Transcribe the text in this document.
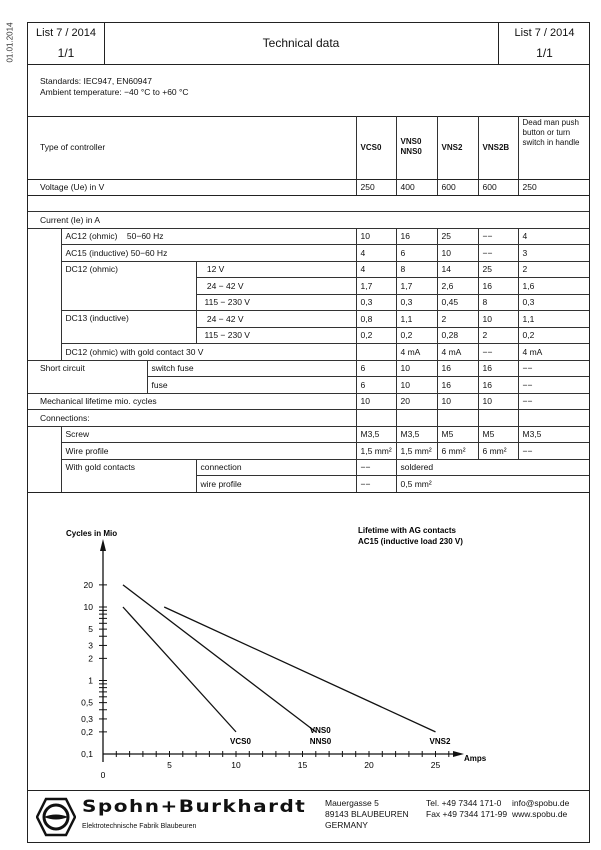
01.01.2014	List 7 / 2014
1/1
Technical data
List 7 / 2014
1/1
Standards: IEC947, EN60947
Ambient temperature: −40 °C to +60 °C
Type of controller				VCS0	VNS0 NNS0	VNS2	VNS2B	Dead man push button or turn switch in handle
Voltage (Ue) in V				250	400	600	600	250

Current (Ie) in A								
	AC12 (ohmic)    50−60 Hz			10	16	25	−−	4
	AC15 (inductive) 50−60 Hz			4	6	10	−−	3
	DC12 (ohmic)		12 V	4	8	14	25	2
			24 − 42 V	1,7	1,7	2,6	16	1,6
			115 − 230 V	0,3	0,3	0,45	8	0,3
	DC13 (inductive)		24 − 42 V	0,8	1,1	2	10	1,1
			115 − 230 V	0,2	0,2	0,28	2	0,2
	DC12 (ohmic) with gold contact 30 V				4 mA	4 mA	−−	4 mA
Short circuit		switch fuse		6	10	16	16	−−
		fuse		6	10	16	16	−−
Mechanical lifetime mio. cycles				10	20	10	10	−−
Connections:								
	Screw			M3,5	M3,5	M5	M5	M3,5
	Wire profile			1,5 mm²	1,5 mm²	6 mm²	6 mm²	−−
	With gold contacts		connection	−−	soldered			
			wire profile	−−	0,5 mm²			
Cycles in Mio	Lifetime with AG contacts
AC15 (inductive load 230 V)
Amps
0
5	10	15	20	25
0,1
0,2
0,3
0,5
1
2
3
5
10
20
VCS0
VNS0
NNS0	VNS2
Spohn+Burkhardt
Elektrotechnische Fabrik Blaubeuren
Mauergasse 5
89143 BLAUBEUREN
GERMANY
Tel. +49 7344 171-0
Fax +49 7344 171-99
info@spobu.de
www.spobu.de
